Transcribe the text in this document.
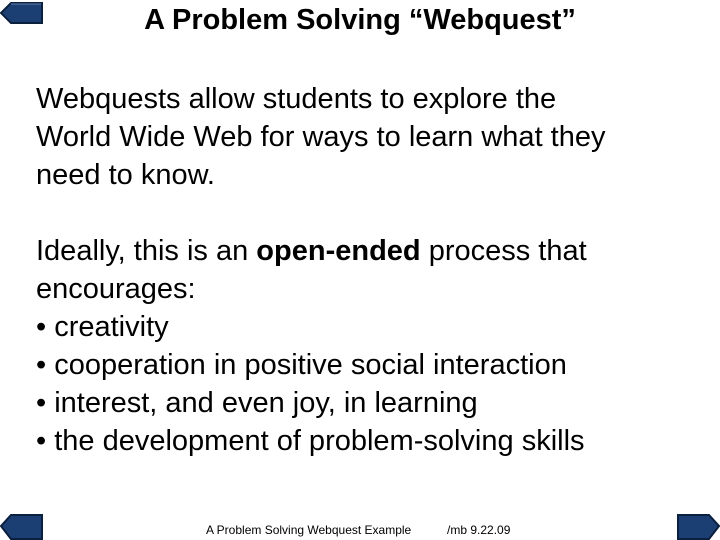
A Problem Solving “Webquest”
Webquests allow students to explore the
World Wide Web for ways to learn what they
need to know.
Ideally, this is an open-ended process that
encourages:
• creativity
• cooperation in positive social interaction
• interest, and even joy, in learning
• the development of problem-solving skills
A Problem Solving Webquest Example	/mb 9.22.09
